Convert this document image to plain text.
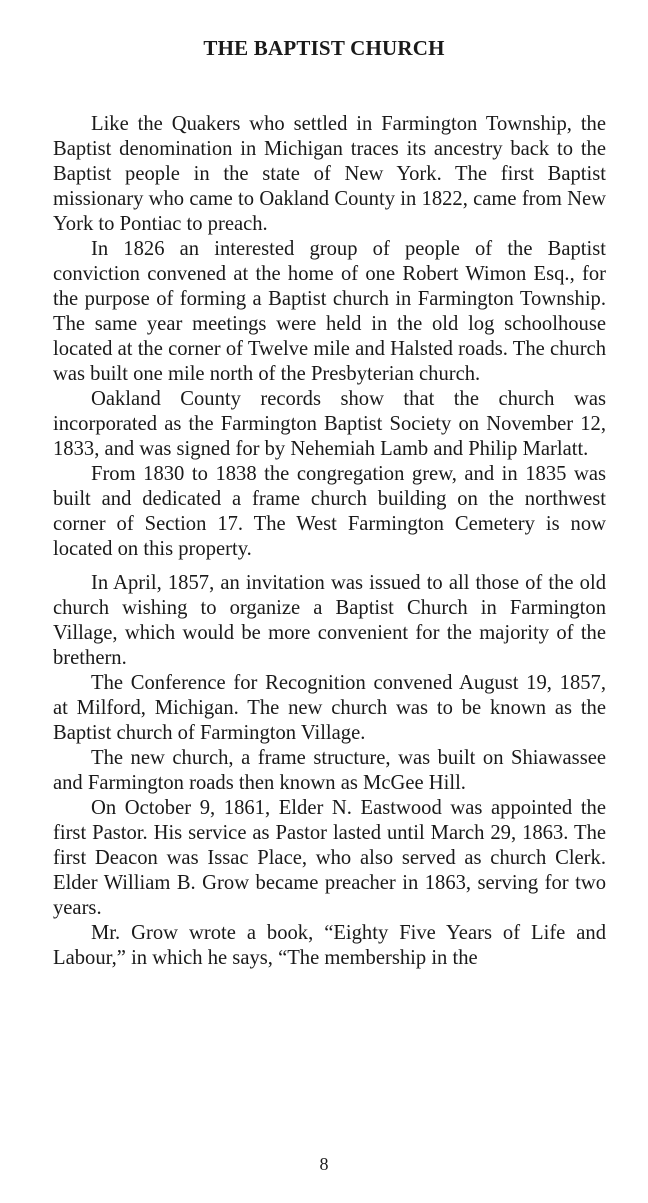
THE BAPTIST CHURCH

Like the Quakers who settled in Farmington Township, the Baptist denomination in Michigan traces its ancestry back to the Baptist people in the state of New York. The first Baptist missionary who came to Oakland County in 1822, came from New York to Pontiac to preach.

In 1826 an interested group of people of the Baptist conviction convened at the home of one Robert Wimon Esq., for the purpose of forming a Baptist church in Farmington Township. The same year meetings were held in the old log schoolhouse located at the corner of Twelve mile and Halsted roads. The church was built one mile north of the Presbyterian church.

Oakland County records show that the church was incorporated as the Farmington Baptist Society on November 12, 1833, and was signed for by Nehemiah Lamb and Philip Marlatt.

From 1830 to 1838 the congregation grew, and in 1835 was built and dedicated a frame church building on the northwest corner of Section 17. The West Farmington Cemetery is now located on this property.

In April, 1857, an invitation was issued to all those of the old church wishing to organize a Baptist Church in Farmington Village, which would be more convenient for the majority of the brethern.

The Conference for Recognition convened August 19, 1857, at Milford, Michigan. The new church was to be known as the Baptist church of Farmington Village.

The new church, a frame structure, was built on Shiawassee and Farmington roads then known as McGee Hill.

On October 9, 1861, Elder N. Eastwood was appointed the first Pastor. His service as Pastor lasted until March 29, 1863. The first Deacon was Issac Place, who also served as church Clerk. Elder William B. Grow became preacher in 1863, serving for two years.

Mr. Grow wrote a book, “Eighty Five Years of Life and Labour,” in which he says, “The membership in the

8
